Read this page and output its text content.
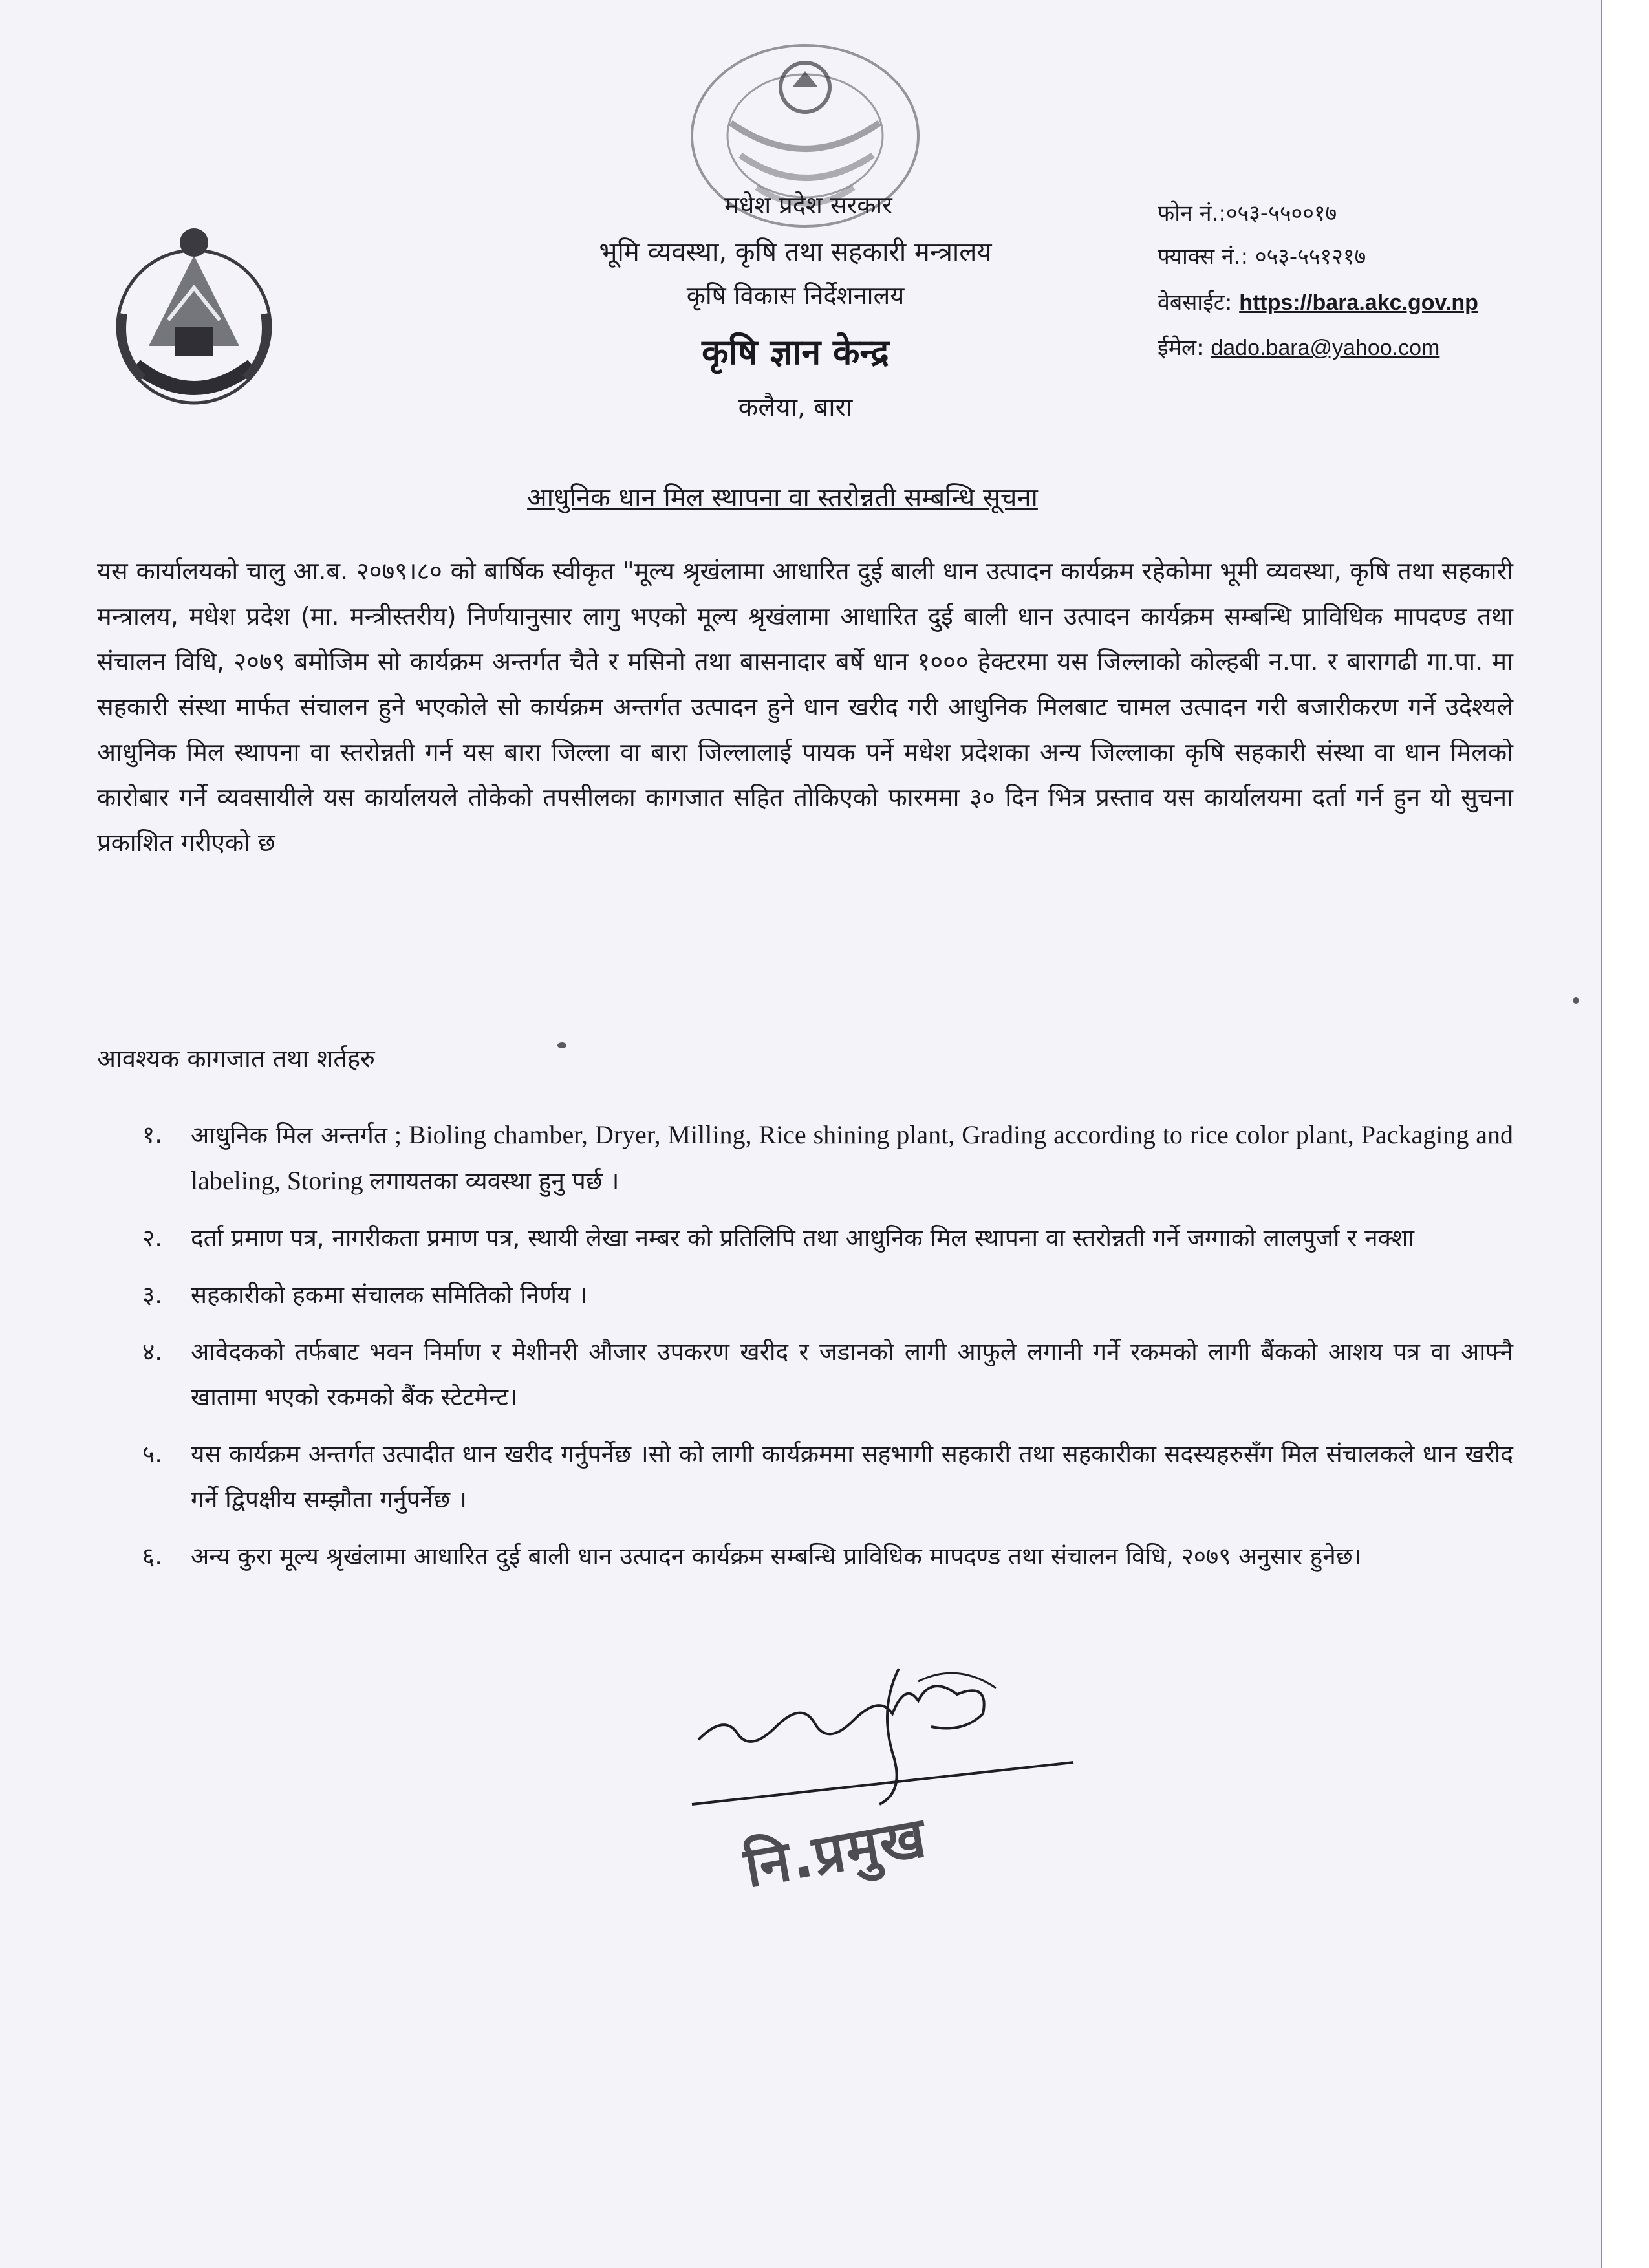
मधेश प्रदेश सरकार
भूमि व्यवस्था, कृषि तथा सहकारी मन्त्रालय
कृषि विकास निर्देशनालय
कृषि ज्ञान केन्द्र
कलैया, बारा
फोन नं.:०५३-५५००१७
फ्याक्स नं.: ०५३-५५१२१७
वेबसाईट: https://bara.akc.gov.np
ईमेल: dado.bara@yahoo.com
आधुनिक धान मिल स्थापना वा स्तरोन्नती सम्बन्धि सूचना
यस कार्यालयको चालु आ.ब. २०७९।८० को बार्षिक स्वीकृत "मूल्य श्रृखंलामा आधारित दुई बाली धान उत्पादन कार्यक्रम रहेकोमा भूमी व्यवस्था, कृषि तथा सहकारी मन्त्रालय, मधेश प्रदेश (मा. मन्त्रीस्तरीय) निर्णयानुसार लागु भएको मूल्य श्रृखंलामा आधारित दुई बाली धान उत्पादन कार्यक्रम सम्बन्धि प्राविधिक मापदण्ड तथा संचालन विधि, २०७९ बमोजिम सो कार्यक्रम अन्तर्गत चैते र मसिनो तथा बासनादार बर्षे धान १००० हेक्टरमा यस जिल्लाको कोल्हबी न.पा. र बारागढी गा.पा. मा सहकारी संस्था मार्फत संचालन हुने भएकोले सो कार्यक्रम अन्तर्गत उत्पादन हुने धान खरीद गरी आधुनिक मिलबाट चामल उत्पादन गरी बजारीकरण गर्ने उदेश्यले आधुनिक मिल स्थापना वा स्तरोन्नती गर्न यस बारा जिल्ला वा बारा जिल्लालाई पायक पर्ने मधेश प्रदेशका अन्य जिल्लाका कृषि सहकारी संस्था वा धान मिलको कारोबार गर्ने व्यवसायीले यस कार्यालयले तोकेको तपसीलका कागजात सहित तोकिएको फारममा ३० दिन भित्र प्रस्ताव यस कार्यालयमा दर्ता गर्न हुन यो सुचना प्रकाशित गरीएको छ
आवश्यक कागजात तथा शर्तहरु
१. आधुनिक मिल अन्तर्गत ; Bioling chamber, Dryer, Milling, Rice shining plant, Grading according to rice color plant, Packaging and labeling, Storing लगायतका व्यवस्था हुनु पर्छ ।
२. दर्ता प्रमाण पत्र, नागरीकता प्रमाण पत्र, स्थायी लेखा नम्बर को प्रतिलिपि तथा आधुनिक मिल स्थापना वा स्तरोन्नती गर्ने जग्गाको लालपुर्जा र नक्शा
३. सहकारीको हकमा संचालक समितिको निर्णय ।
४. आवेदकको तर्फबाट भवन निर्माण र मेशीनरी औजार उपकरण खरीद र जडानको लागी आफुले लगानी गर्ने रकमको लागी बैंकको आशय पत्र वा आफ्नै खातामा भएको रकमको बैंक स्टेटमेन्ट।
५. यस कार्यक्रम अन्तर्गत उत्पादीत धान खरीद गर्नुपर्नेछ ।सो को लागी कार्यक्रममा सहभागी सहकारी तथा सहकारीका सदस्यहरुसँग मिल संचालकले धान खरीद गर्ने द्विपक्षीय सम्झौता गर्नुपर्नेछ ।
६. अन्य कुरा मूल्य श्रृखंलामा आधारित दुई बाली धान उत्पादन कार्यक्रम सम्बन्धि प्राविधिक मापदण्ड तथा संचालन विधि, २०७९ अनुसार हुनेछ।
नि.प्रमुख
